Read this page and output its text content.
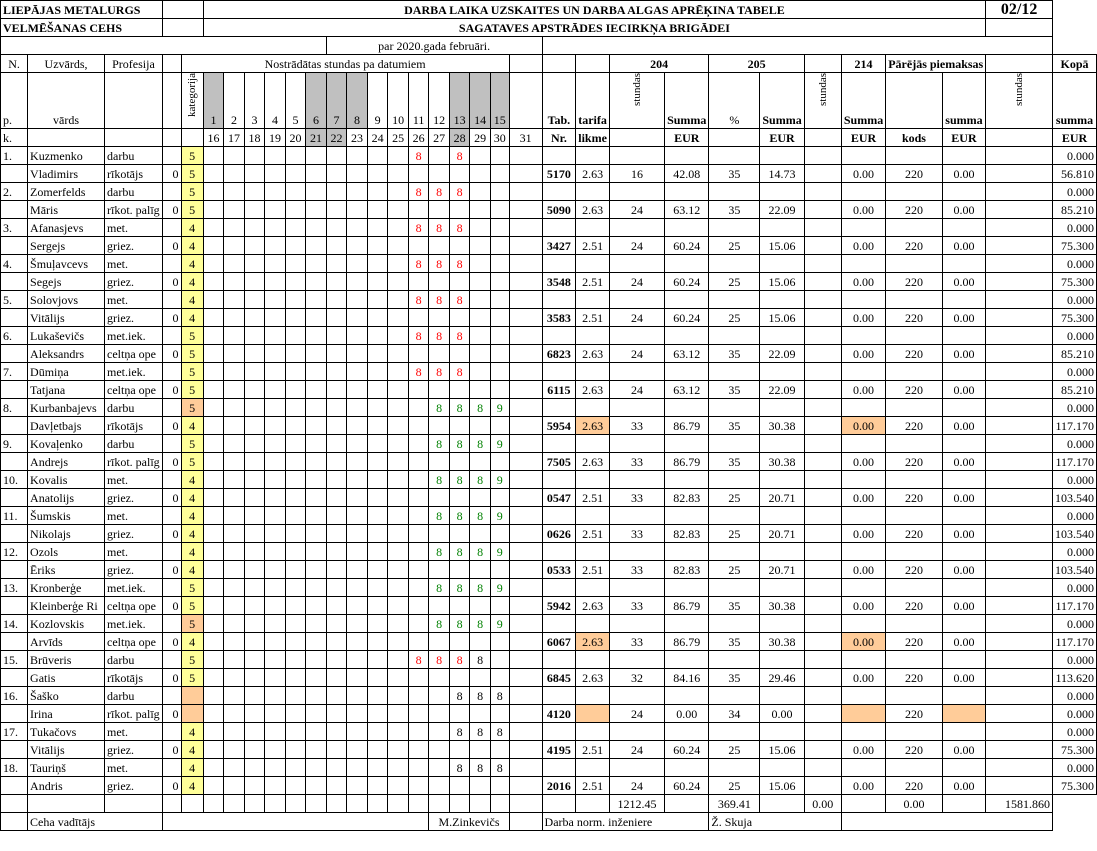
LIEPĀJAS METALURGS					DARBA LAIKA UZSKAITES UN DARBA ALGAS APRĒĶINA TABELE																										02/12	
VELMĒŠANAS CEHS					SAGATAVES APSTRĀDES IECIRKŅA BRIGĀDEI																											
											par 2020.gada februāri.																					
N.	Uzvārds,	Profesija		Nostrādātas stundas pa datumiem																			204		205			214	Pārējās piemaksas			Kopā
p.	vārds			kategorija	1	2	3	4	5	6	7	8	9	10	11	12	13	14	15		Tab.	tarifa	stundas	Summa	%	Summa	stundas	Summa		summa	stundas	summa
k.					16	17	18	19	20	21	22	23	24	25	26	27	28	29	30	31	Nr.	likme		EUR		EUR		EUR	kods	EUR		EUR
1.	Kuzmenko	darbu		5											8		8															0.000
	Vladimirs	rīkotājs	0	5																	5170	2.63	16	42.08	35	14.73		0.00	220	0.00		56.810
2.	Zomerfelds	darbu		5											8	8	8															0.000
	Māris	rīkot. palīg	0	5																	5090	2.63	24	63.12	35	22.09		0.00	220	0.00		85.210
3.	Afanasjevs	met.		4											8	8	8															0.000
	Sergejs	griez.	0	4																	3427	2.51	24	60.24	25	15.06		0.00	220	0.00		75.300
4.	Šmuļavcevs	met.		4											8	8	8															0.000
	Segejs	griez.	0	4																	3548	2.51	24	60.24	25	15.06		0.00	220	0.00		75.300
5.	Solovjovs	met.		4											8	8	8															0.000
	Vitālijs	griez.	0	4																	3583	2.51	24	60.24	25	15.06		0.00	220	0.00		75.300
6.	Lukaševičs	met.iek.		5											8	8	8															0.000
	Aleksandrs	celtņa ope	0	5																	6823	2.63	24	63.12	35	22.09		0.00	220	0.00		85.210
7.	Dūmiņa	met.iek.		5											8	8	8															0.000
	Tatjana	celtņa ope	0	5																	6115	2.63	24	63.12	35	22.09		0.00	220	0.00		85.210
8.	Kurbanbajevs	darbu		5												8	8	8	9													0.000
	Davļetbajs	rīkotājs	0	4																	5954	2.63	33	86.79	35	30.38		0.00	220	0.00		117.170
9.	Kovaļenko	darbu		5												8	8	8	9													0.000
	Andrejs	rīkot. palīg	0	5																	7505	2.63	33	86.79	35	30.38		0.00	220	0.00		117.170
10.	Kovalis	met.		4												8	8	8	9													0.000
	Anatolijs	griez.	0	4																	0547	2.51	33	82.83	25	20.71		0.00	220	0.00		103.540
11.	Šumskis	met.		4												8	8	8	9													0.000
	Nikolajs	griez.	0	4																	0626	2.51	33	82.83	25	20.71		0.00	220	0.00		103.540
12.	Ozols	met.		4												8	8	8	9													0.000
	Ēriks	griez.	0	4																	0533	2.51	33	82.83	25	20.71		0.00	220	0.00		103.540
13.	Kronberģe	met.iek.		5												8	8	8	9													0.000
	Kleinberģe Ri	celtņa ope	0	5																	5942	2.63	33	86.79	35	30.38		0.00	220	0.00		117.170
14.	Kozlovskis	met.iek.		5												8	8	8	9													0.000
	Arvīds	celtņa ope	0	4																	6067	2.63	33	86.79	35	30.38		0.00	220	0.00		117.170
15.	Brūveris	darbu		5											8	8	8	8														0.000
	Gatis	rīkotājs	0	5																	6845	2.63	32	84.16	35	29.46		0.00	220	0.00		113.620
16.	Šaško	darbu															8	8	8													0.000
	Irina	rīkot. palīg	0																		4120		24	0.00	34	0.00			220			0.000
17.	Tukačovs	met.		4													8	8	8													0.000
	Vitālijs	griez.	0	4																	4195	2.51	24	60.24	25	15.06		0.00	220	0.00		75.300
18.	Tauriņš	met.		4													8	8	8													0.000
	Andris	griez.	0	4																	2016	2.51	24	60.24	25	15.06		0.00	220	0.00		75.300
																							1212.45		369.41		0.00		0.00		1581.860	
	Ceha vadītājs															M.Zinkevičs					Darba norm. inženiere				Ž. Skuja							
